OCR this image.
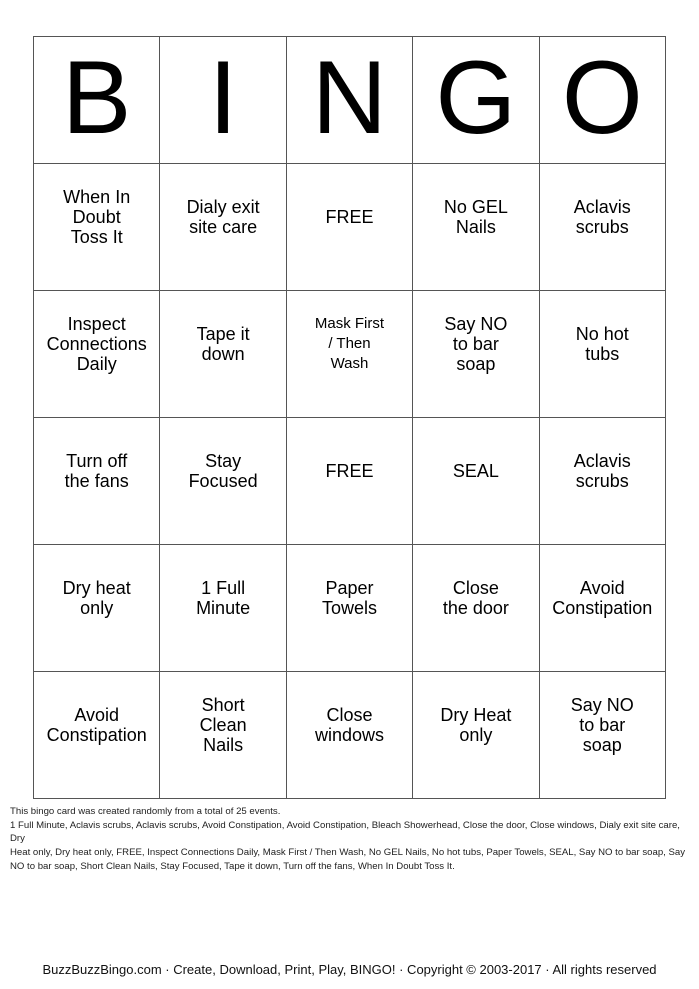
B	I	N	G	O

When In
Doubt
Toss It	Dialy exit
site care	FREE	No GEL
Nails	Aclavis
scrubs

Inspect
Connections
Daily	Tape it
down	Mask First
/ Then
Wash	Say NO
to bar
soap	No hot
tubs

Turn off
the fans	Stay
Focused	FREE	SEAL	Aclavis
scrubs

Dry heat
only	1 Full
Minute	Paper
Towels	Close
the door	Avoid
Constipation

Avoid
Constipation	Short
Clean
Nails	Close
windows	Dry Heat
only	Say NO
to bar
soap

This bingo card was created randomly from a total of 25 events.

1 Full Minute, Aclavis scrubs, Aclavis scrubs, Avoid Constipation, Avoid Constipation, Bleach Showerhead, Close the door, Close windows, Dialy exit site care, Dry

Heat only, Dry heat only, FREE, Inspect Connections Daily, Mask First / Then Wash, No GEL Nails, No hot tubs, Paper Towels, SEAL, Say NO to bar soap, Say

NO to bar soap, Short Clean Nails, Stay Focused, Tape it down, Turn off the fans, When In Doubt Toss It.

BuzzBuzzBingo.com · Create, Download, Print, Play, BINGO! · Copyright © 2003-2017 · All rights reserved
